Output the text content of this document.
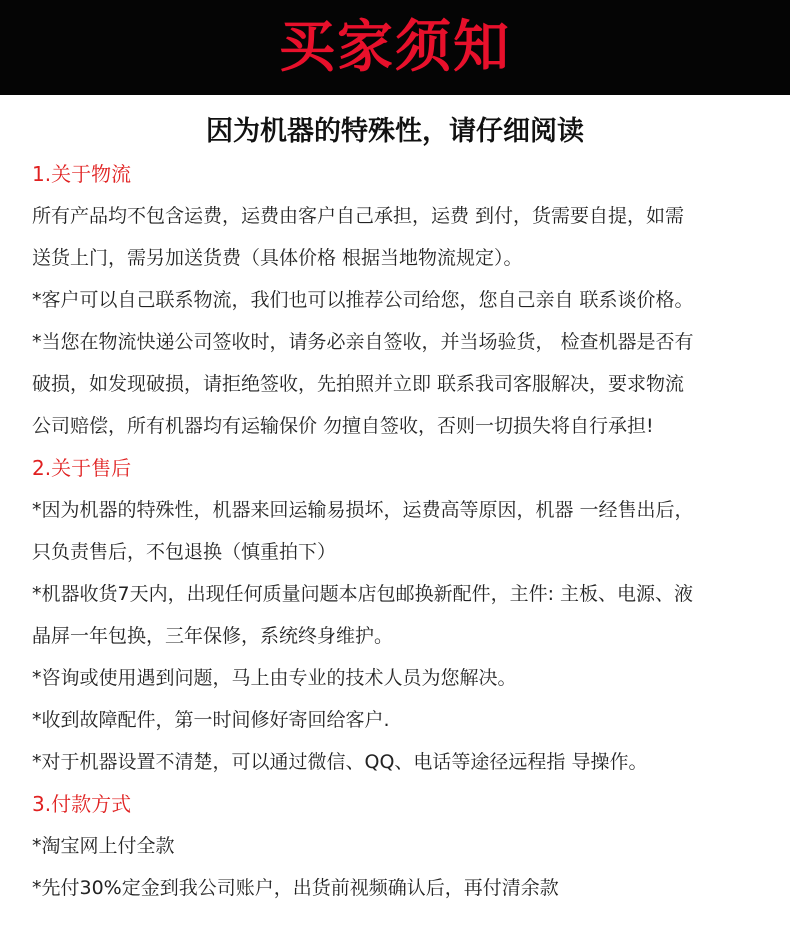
买家须知
因为机器的特殊性，请仔细阅读
1.关于物流
所有产品均不包含运费，运费由客户自己承担，运费 到付，货需要自提，如需
送货上门，需另加送货费（具体价格 根据当地物流规定）。
*客户可以自己联系物流，我们也可以推荐公司给您，您自己亲自 联系谈价格。
*当您在物流快递公司签收时，请务必亲自签收，并当场验货， 检查机器是否有
破损，如发现破损，请拒绝签收，先拍照并立即 联系我司客服解决，要求物流
公司赔偿，所有机器均有运输保价 勿擅自签收，否则一切损失将自行承担!
2.关于售后
*因为机器的特殊性，机器来回运输易损坏，运费高等原因，机器 一经售出后，
只负责售后，不包退换（慎重拍下）
*机器收货7天内，出现任何质量问题本店包邮换新配件，主件: 主板、电源、液
晶屏一年包换，三年保修，系统终身维护。
*咨询或使用遇到问题，马上由专业的技术人员为您解决。
*收到故障配件，第一时间修好寄回给客户.
*对于机器设置不清楚，可以通过微信、QQ、电话等途径远程指 导操作。
3.付款方式
*淘宝网上付全款
*先付30%定金到我公司账户，出货前视频确认后，再付清余款
